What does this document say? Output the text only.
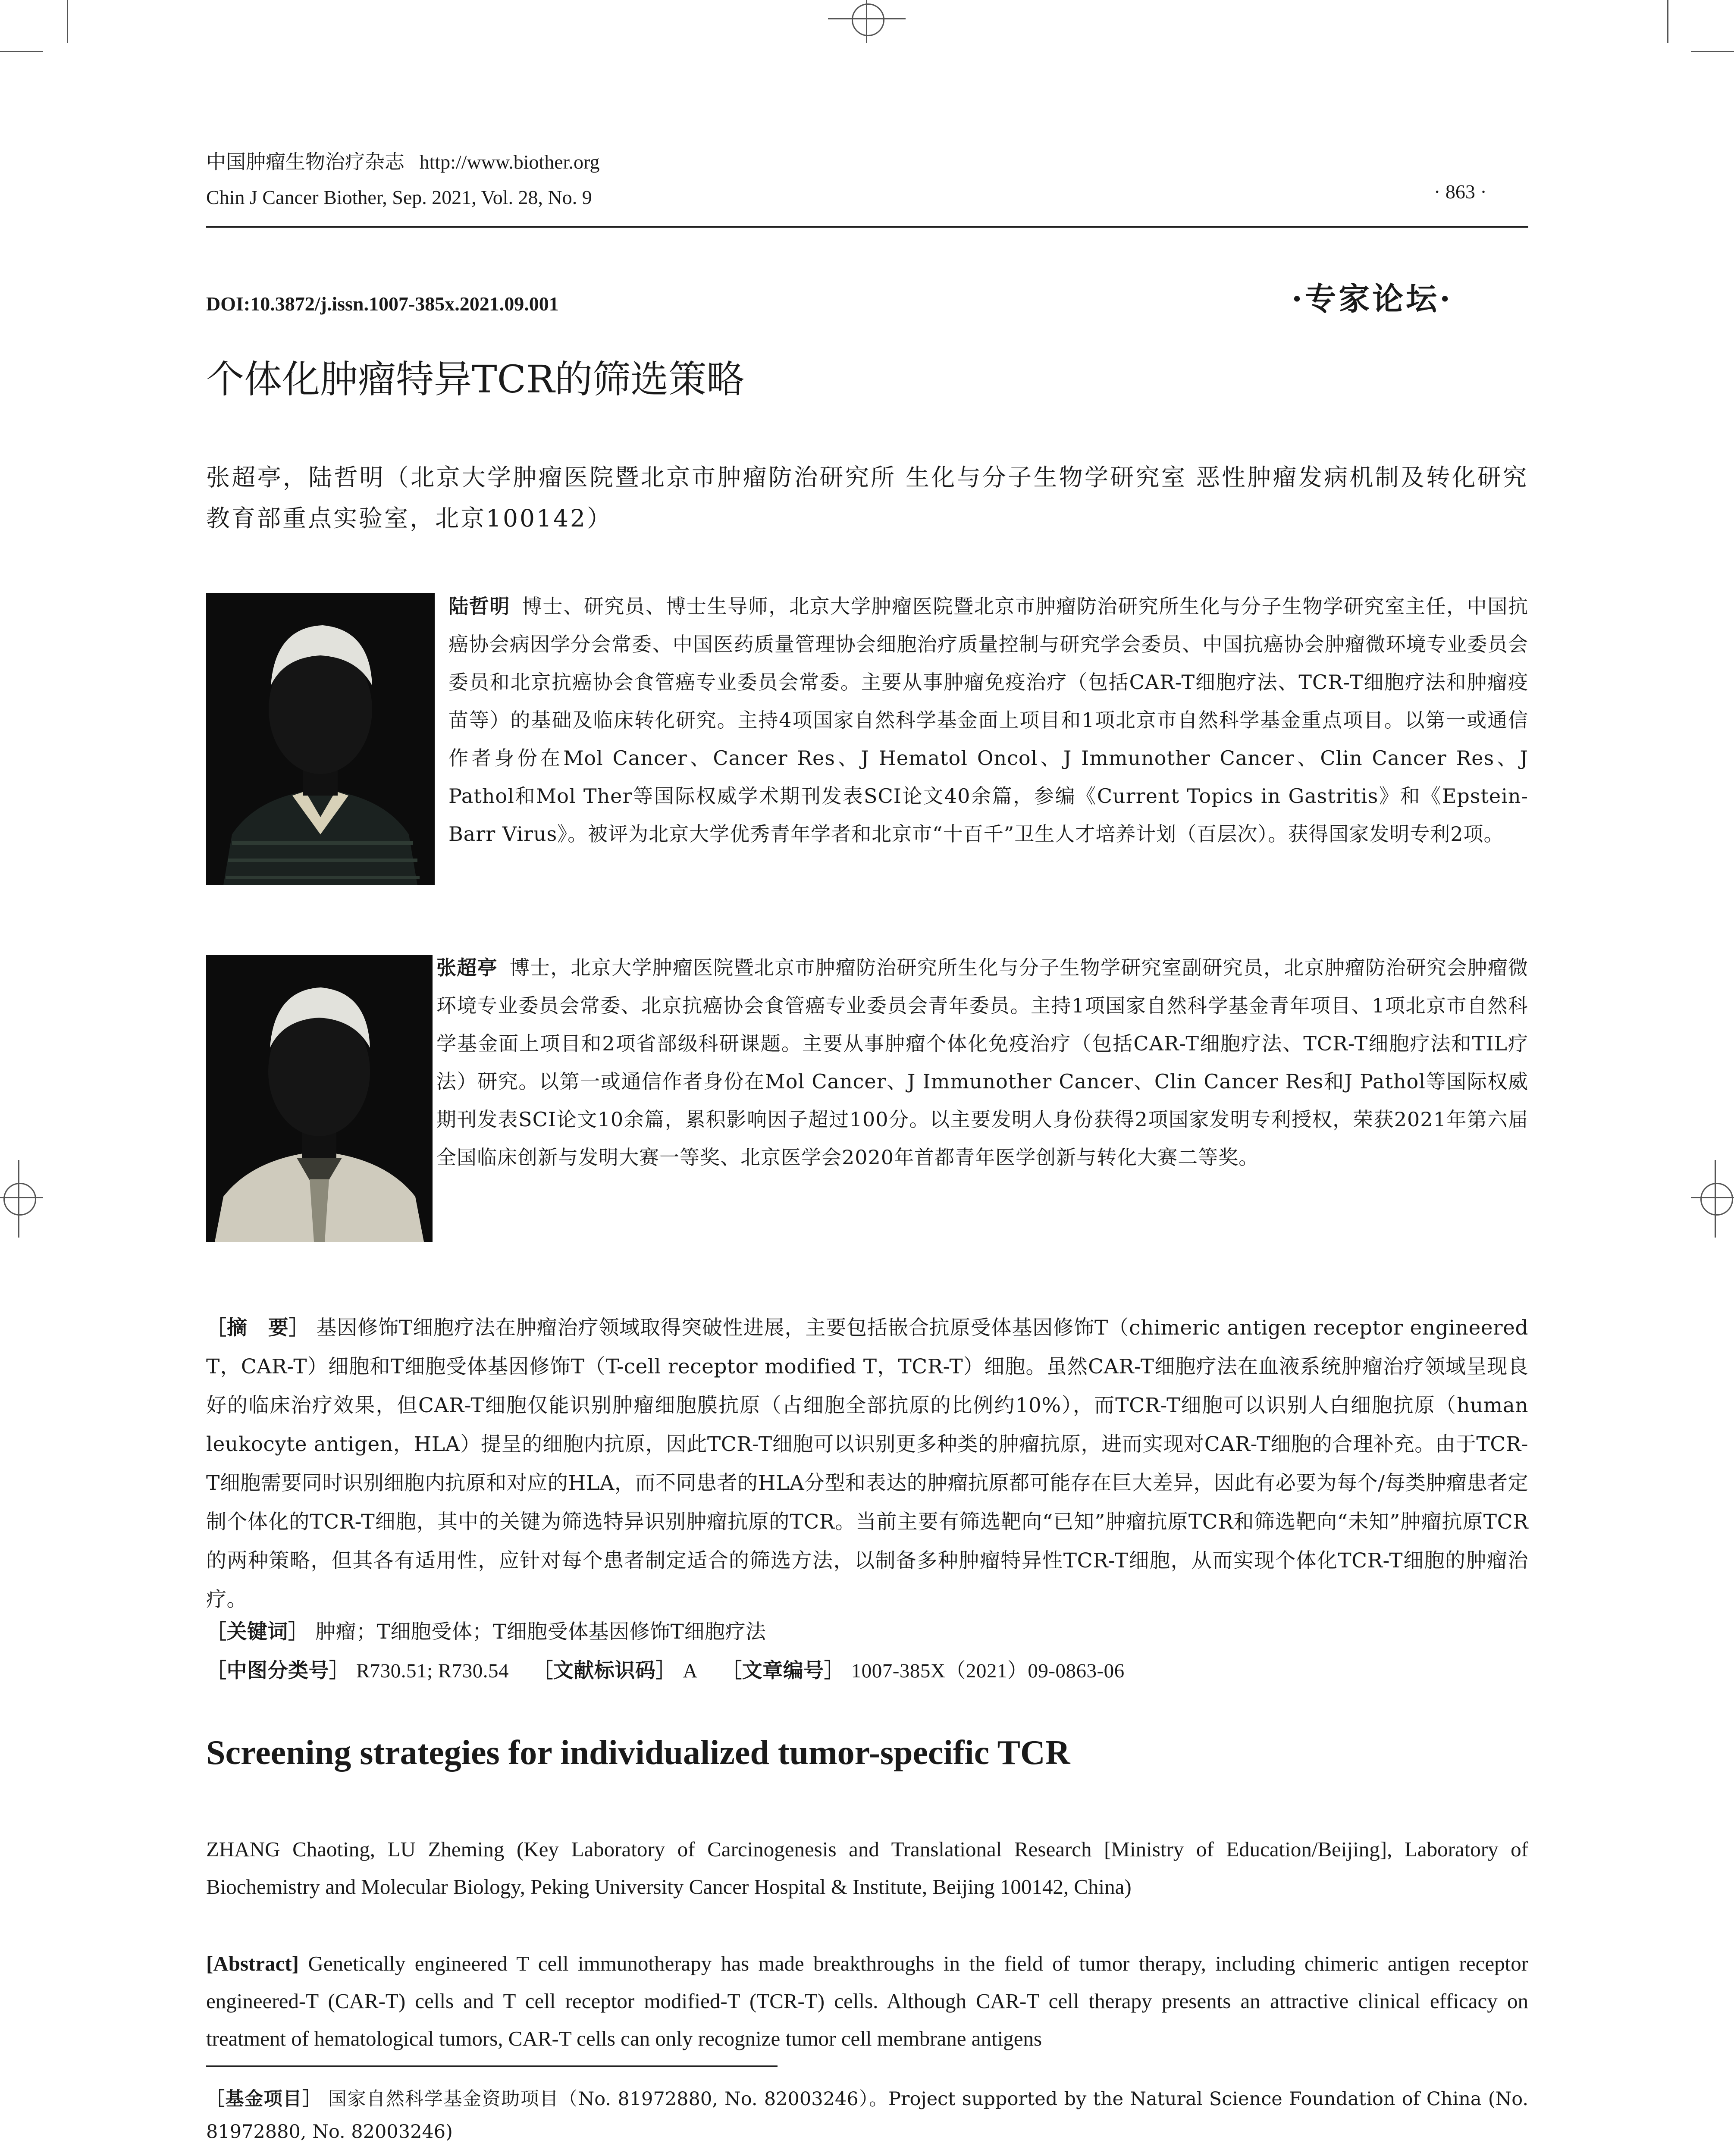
中国肿瘤生物治疗杂志 http://www.biother.org
Chin J Cancer Biother, Sep. 2021, Vol. 28, No. 9	· 863 ·
DOI:10.3872/j.issn.1007-385x.2021.09.001	·专家论坛·
个体化肿瘤特异TCR的筛选策略
张超亭，陆哲明（北京大学肿瘤医院暨北京市肿瘤防治研究所 生化与分子生物学研究室 恶性肿瘤发病机制及转化研究教育部重点实验室，北京100142）
陆哲明 博士、研究员、博士生导师，北京大学肿瘤医院暨北京市肿瘤防治研究所生化与分子生物学研究室主任，中国抗癌协会病因学分会常委、中国医药质量管理协会细胞治疗质量控制与研究学会委员、中国抗癌协会肿瘤微环境专业委员会委员和北京抗癌协会食管癌专业委员会常委。主要从事肿瘤免疫治疗（包括CAR-T细胞疗法、TCR-T细胞疗法和肿瘤疫苗等）的基础及临床转化研究。主持4项国家自然科学基金面上项目和1项北京市自然科学基金重点项目。以第一或通信作者身份在Mol Cancer、Cancer Res、J Hematol Oncol、J Immunother Cancer、Clin Cancer Res、J Pathol和Mol Ther等国际权威学术期刊发表SCI论文40余篇，参编《Current Topics in Gastritis》和《Epstein-Barr Virus》。被评为北京大学优秀青年学者和北京市“十百千”卫生人才培养计划（百层次）。获得国家发明专利2项。
张超亭 博士，北京大学肿瘤医院暨北京市肿瘤防治研究所生化与分子生物学研究室副研究员，北京肿瘤防治研究会肿瘤微环境专业委员会常委、北京抗癌协会食管癌专业委员会青年委员。主持1项国家自然科学基金青年项目、1项北京市自然科学基金面上项目和2项省部级科研课题。主要从事肿瘤个体化免疫治疗（包括CAR-T细胞疗法、TCR-T细胞疗法和TIL疗法）研究。以第一或通信作者身份在Mol Cancer、J Immunother Cancer、Clin Cancer Res和J Pathol等国际权威期刊发表SCI论文10余篇，累积影响因子超过100分。以主要发明人身份获得2项国家发明专利授权，荣获2021年第六届全国临床创新与发明大赛一等奖、北京医学会2020年首都青年医学创新与转化大赛二等奖。
［摘　要］ 基因修饰T细胞疗法在肿瘤治疗领域取得突破性进展，主要包括嵌合抗原受体基因修饰T（chimeric antigen receptor engineered T，CAR-T）细胞和T细胞受体基因修饰T（T-cell receptor modified T，TCR-T）细胞。虽然CAR-T细胞疗法在血液系统肿瘤治疗领域呈现良好的临床治疗效果，但CAR-T细胞仅能识别肿瘤细胞膜抗原（占细胞全部抗原的比例约10%），而TCR-T细胞可以识别人白细胞抗原（human leukocyte antigen，HLA）提呈的细胞内抗原，因此TCR-T细胞可以识别更多种类的肿瘤抗原，进而实现对CAR-T细胞的合理补充。由于TCR-T细胞需要同时识别细胞内抗原和对应的HLA，而不同患者的HLA分型和表达的肿瘤抗原都可能存在巨大差异，因此有必要为每个/每类肿瘤患者定制个体化的TCR-T细胞，其中的关键为筛选特异识别肿瘤抗原的TCR。当前主要有筛选靶向“已知”肿瘤抗原TCR和筛选靶向“未知”肿瘤抗原TCR的两种策略，但其各有适用性，应针对每个患者制定适合的筛选方法，以制备多种肿瘤特异性TCR-T细胞，从而实现个体化TCR-T细胞的肿瘤治疗。
［关键词］ 肿瘤；T细胞受体；T细胞受体基因修饰T细胞疗法
［中图分类号］ R730.51; R730.54 ［文献标识码］ A ［文章编号］ 1007-385X（2021）09-0863-06
Screening strategies for individualized tumor-specific TCR
ZHANG Chaoting, LU Zheming (Key Laboratory of Carcinogenesis and Translational Research [Ministry of Education/Beijing], Laboratory of Biochemistry and Molecular Biology, Peking University Cancer Hospital & Institute, Beijing 100142, China)
[Abstract] Genetically engineered T cell immunotherapy has made breakthroughs in the field of tumor therapy, including chimeric antigen receptor engineered-T (CAR-T) cells and T cell receptor modified-T (TCR-T) cells. Although CAR-T cell therapy presents an attractive clinical efficacy on treatment of hematological tumors, CAR-T cells can only recognize tumor cell membrane antigens
［基金项目］ 国家自然科学基金资助项目（No. 81972880, No. 82003246）。Project supported by the Natural Science Foundation of China (No. 81972880, No. 82003246)
